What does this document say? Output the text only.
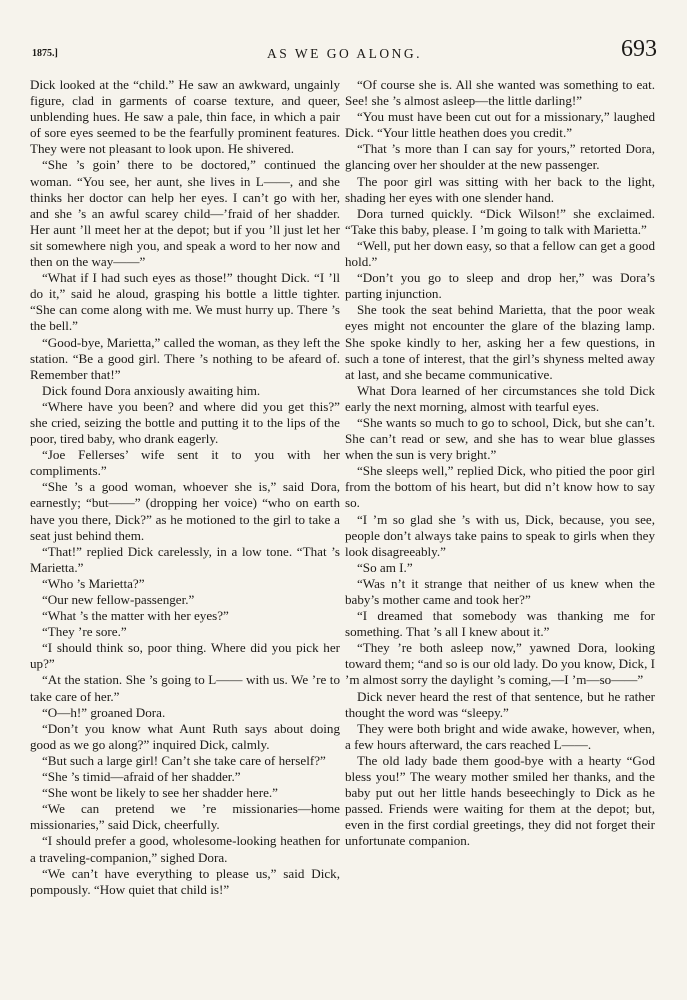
1875.]	AS WE GO ALONG.	693

Dick looked at the “child.” He saw an awkward, ungainly figure, clad in garments of coarse texture, and queer, unblending hues. He saw a pale, thin face, in which a pair of sore eyes seemed to be the fearfully prominent features. They were not pleasant to look upon. He shivered.

“She ’s goin’ there to be doctored,” continued the woman. “You see, her aunt, she lives in L——, and she thinks her doctor can help her eyes. I can’t go with her, and she ’s an awful scarey child—’fraid of her shadder. Her aunt ’ll meet her at the depot; but if you ’ll just let her sit somewhere nigh you, and speak a word to her now and then on the way——”

“What if I had such eyes as those!” thought Dick. “I ’ll do it,” said he aloud, grasping his bottle a little tighter. “She can come along with me. We must hurry up. There ’s the bell.”

“Good-bye, Marietta,” called the woman, as they left the station. “Be a good girl. There ’s nothing to be afeard of. Remember that!”

Dick found Dora anxiously awaiting him.

“Where have you been? and where did you get this?” she cried, seizing the bottle and putting it to the lips of the poor, tired baby, who drank eagerly.

“Joe Fellerses’ wife sent it to you with her compliments.”

“She ’s a good woman, whoever she is,” said Dora, earnestly; “but——” (dropping her voice) “who on earth have you there, Dick?” as he motioned to the girl to take a seat just behind them.

“That!” replied Dick carelessly, in a low tone. “That ’s Marietta.”

“Who ’s Marietta?”

“Our new fellow-passenger.”

“What ’s the matter with her eyes?”

“They ’re sore.”

“I should think so, poor thing. Where did you pick her up?”

“At the station. She ’s going to L—— with us. We ’re to take care of her.”

“O—h!” groaned Dora.

“Don’t you know what Aunt Ruth says about doing good as we go along?” inquired Dick, calmly.

“But such a large girl! Can’t she take care of herself?”

“She ’s timid—afraid of her shadder.”

“She wont be likely to see her shadder here.”

“We can pretend we ’re missionaries—home missionaries,” said Dick, cheerfully.

“I should prefer a good, wholesome-looking heathen for a traveling-companion,” sighed Dora.

“We can’t have everything to please us,” said Dick, pompously. “How quiet that child is!”

“Of course she is. All she wanted was something to eat. See! she ’s almost asleep—the little darling!”

“You must have been cut out for a missionary,” laughed Dick. “Your little heathen does you credit.”

“That ’s more than I can say for yours,” retorted Dora, glancing over her shoulder at the new passenger.

The poor girl was sitting with her back to the light, shading her eyes with one slender hand.

Dora turned quickly. “Dick Wilson!” she exclaimed. “Take this baby, please. I ’m going to talk with Marietta.”

“Well, put her down easy, so that a fellow can get a good hold.”

“Don’t you go to sleep and drop her,” was Dora’s parting injunction.

She took the seat behind Marietta, that the poor weak eyes might not encounter the glare of the blazing lamp. She spoke kindly to her, asking her a few questions, in such a tone of interest, that the girl’s shyness melted away at last, and she became communicative.

What Dora learned of her circumstances she told Dick early the next morning, almost with tearful eyes.

“She wants so much to go to school, Dick, but she can’t. She can’t read or sew, and she has to wear blue glasses when the sun is very bright.”

“She sleeps well,” replied Dick, who pitied the poor girl from the bottom of his heart, but did n’t know how to say so.

“I ’m so glad she ’s with us, Dick, because, you see, people don’t always take pains to speak to girls when they look disagreeably.”

“So am I.”

“Was n’t it strange that neither of us knew when the baby’s mother came and took her?”

“I dreamed that somebody was thanking me for something. That ’s all I knew about it.”

“They ’re both asleep now,” yawned Dora, looking toward them; “and so is our old lady. Do you know, Dick, I ’m almost sorry the daylight ’s coming,—I ’m—so——”

Dick never heard the rest of that sentence, but he rather thought the word was “sleepy.”

They were both bright and wide awake, however, when, a few hours afterward, the cars reached L——.

The old lady bade them good-bye with a hearty “God bless you!” The weary mother smiled her thanks, and the baby put out her little hands beseechingly to Dick as he passed. Friends were waiting for them at the depot; but, even in the first cordial greetings, they did not forget their unfortunate companion.
